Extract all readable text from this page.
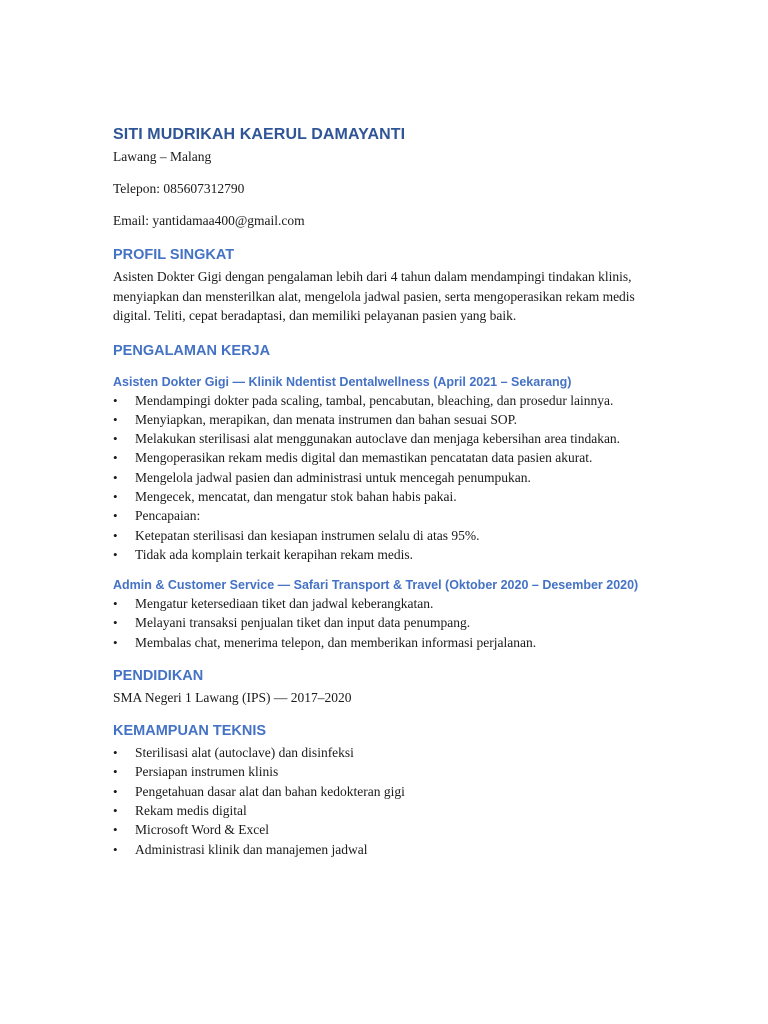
SITI MUDRIKAH KAERUL DAMAYANTI

Lawang – Malang

Telepon: 085607312790

Email: yantidamaa400@gmail.com

PROFIL SINGKAT

Asisten Dokter Gigi dengan pengalaman lebih dari 4 tahun dalam mendampingi tindakan klinis, menyiapkan dan mensterilkan alat, mengelola jadwal pasien, serta mengoperasikan rekam medis digital. Teliti, cepat beradaptasi, dan memiliki pelayanan pasien yang baik.

PENGALAMAN KERJA
Asisten Dokter Gigi — Klinik Ndentist Dentalwellness (April 2021 – Sekarang)
•	Mendampingi dokter pada scaling, tambal, pencabutan, bleaching, dan prosedur lainnya.
•	Menyiapkan, merapikan, dan menata instrumen dan bahan sesuai SOP.
•	Melakukan sterilisasi alat menggunakan autoclave dan menjaga kebersihan area tindakan.
•	Mengoperasikan rekam medis digital dan memastikan pencatatan data pasien akurat.
•	Mengelola jadwal pasien dan administrasi untuk mencegah penumpukan.
•	Mengecek, mencatat, dan mengatur stok bahan habis pakai.
•	Pencapaian:
•	Ketepatan sterilisasi dan kesiapan instrumen selalu di atas 95%.
•	Tidak ada komplain terkait kerapihan rekam medis.
Admin & Customer Service — Safari Transport & Travel (Oktober 2020 – Desember 2020)
•	Mengatur ketersediaan tiket dan jadwal keberangkatan.
•	Melayani transaksi penjualan tiket dan input data penumpang.
•	Membalas chat, menerima telepon, dan memberikan informasi perjalanan.
PENDIDIKAN

SMA Negeri 1 Lawang (IPS) — 2017–2020

KEMAMPUAN TEKNIS
•	Sterilisasi alat (autoclave) dan disinfeksi
•	Persiapan instrumen klinis
•	Pengetahuan dasar alat dan bahan kedokteran gigi
•	Rekam medis digital
•	Microsoft Word & Excel
•	Administrasi klinik dan manajemen jadwal
